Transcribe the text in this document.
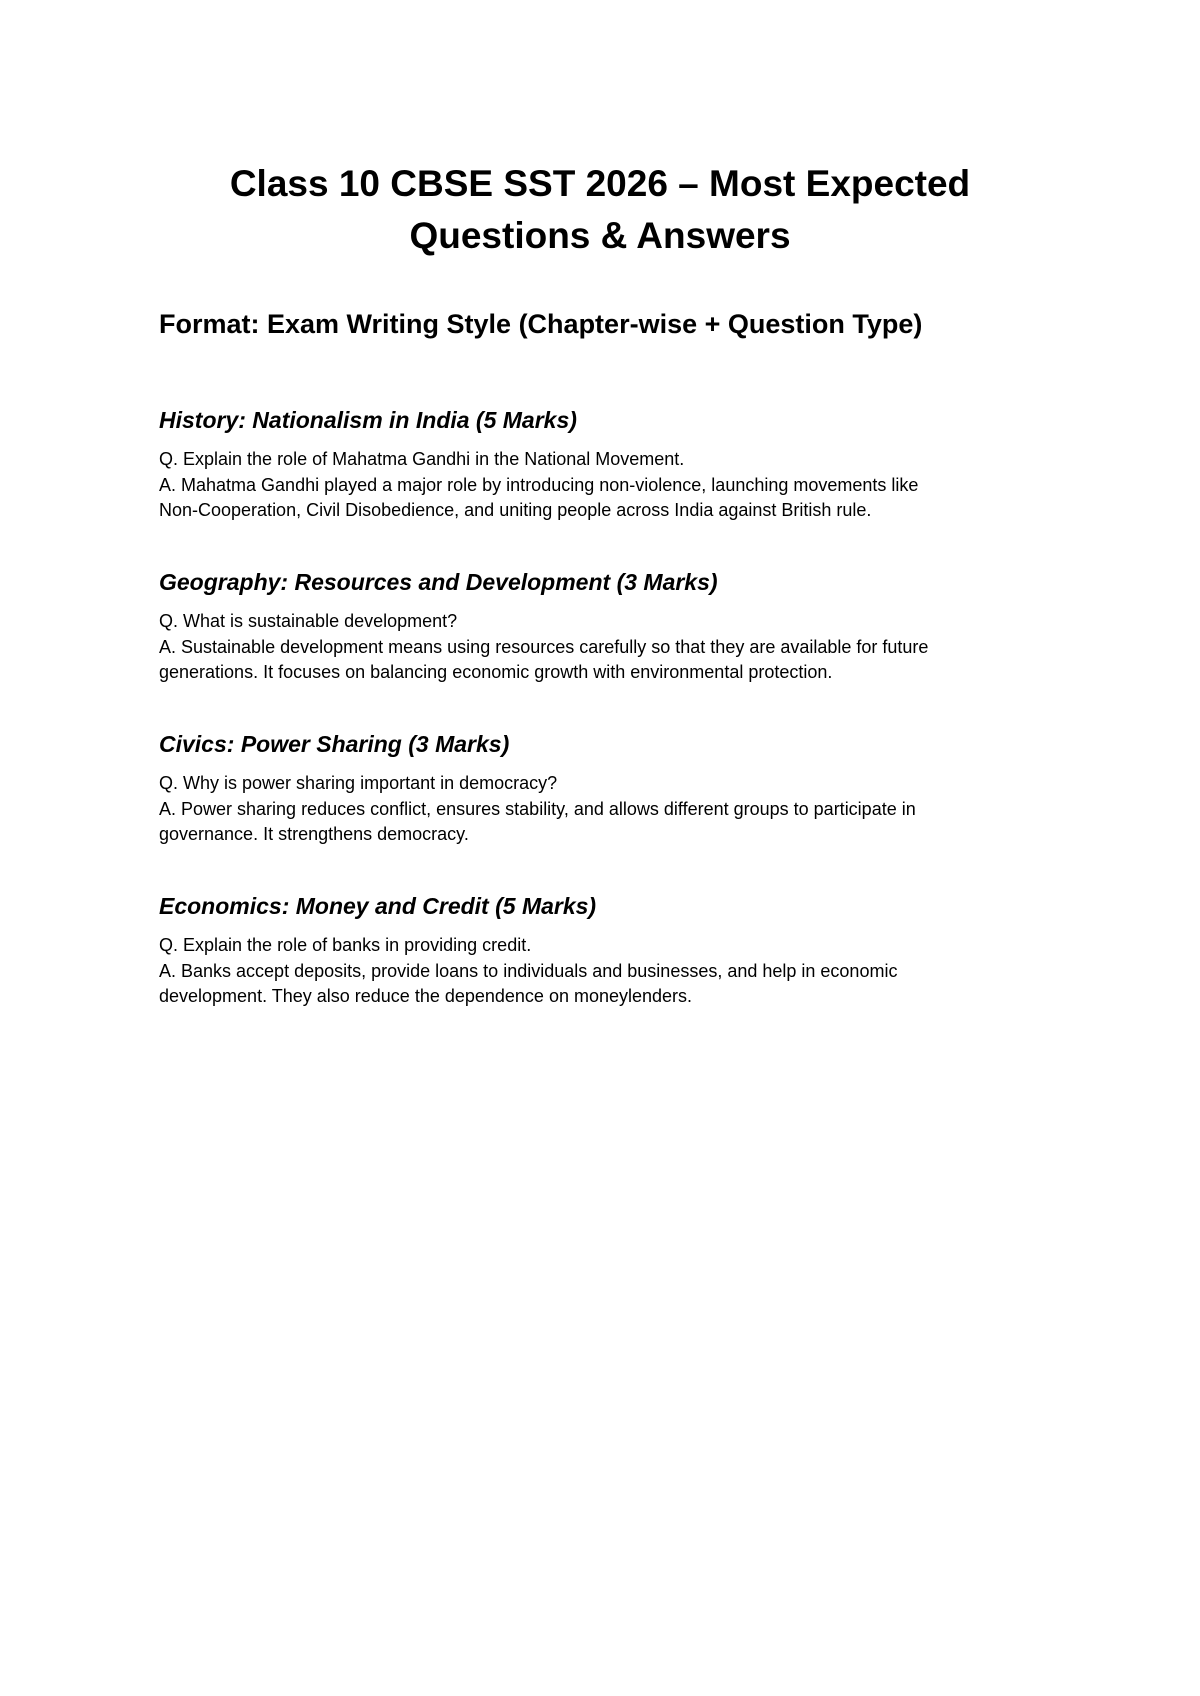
Class 10 CBSE SST 2026 – Most Expected
Questions & Answers
Format: Exam Writing Style (Chapter-wise + Question Type)
History: Nationalism in India (5 Marks)
Q. Explain the role of Mahatma Gandhi in the National Movement.
A. Mahatma Gandhi played a major role by introducing non-violence, launching movements like
Non-Cooperation, Civil Disobedience, and uniting people across India against British rule.
Geography: Resources and Development (3 Marks)
Q. What is sustainable development?
A. Sustainable development means using resources carefully so that they are available for future
generations. It focuses on balancing economic growth with environmental protection.
Civics: Power Sharing (3 Marks)
Q. Why is power sharing important in democracy?
A. Power sharing reduces conflict, ensures stability, and allows different groups to participate in
governance. It strengthens democracy.
Economics: Money and Credit (5 Marks)
Q. Explain the role of banks in providing credit.
A. Banks accept deposits, provide loans to individuals and businesses, and help in economic
development. They also reduce the dependence on moneylenders.
